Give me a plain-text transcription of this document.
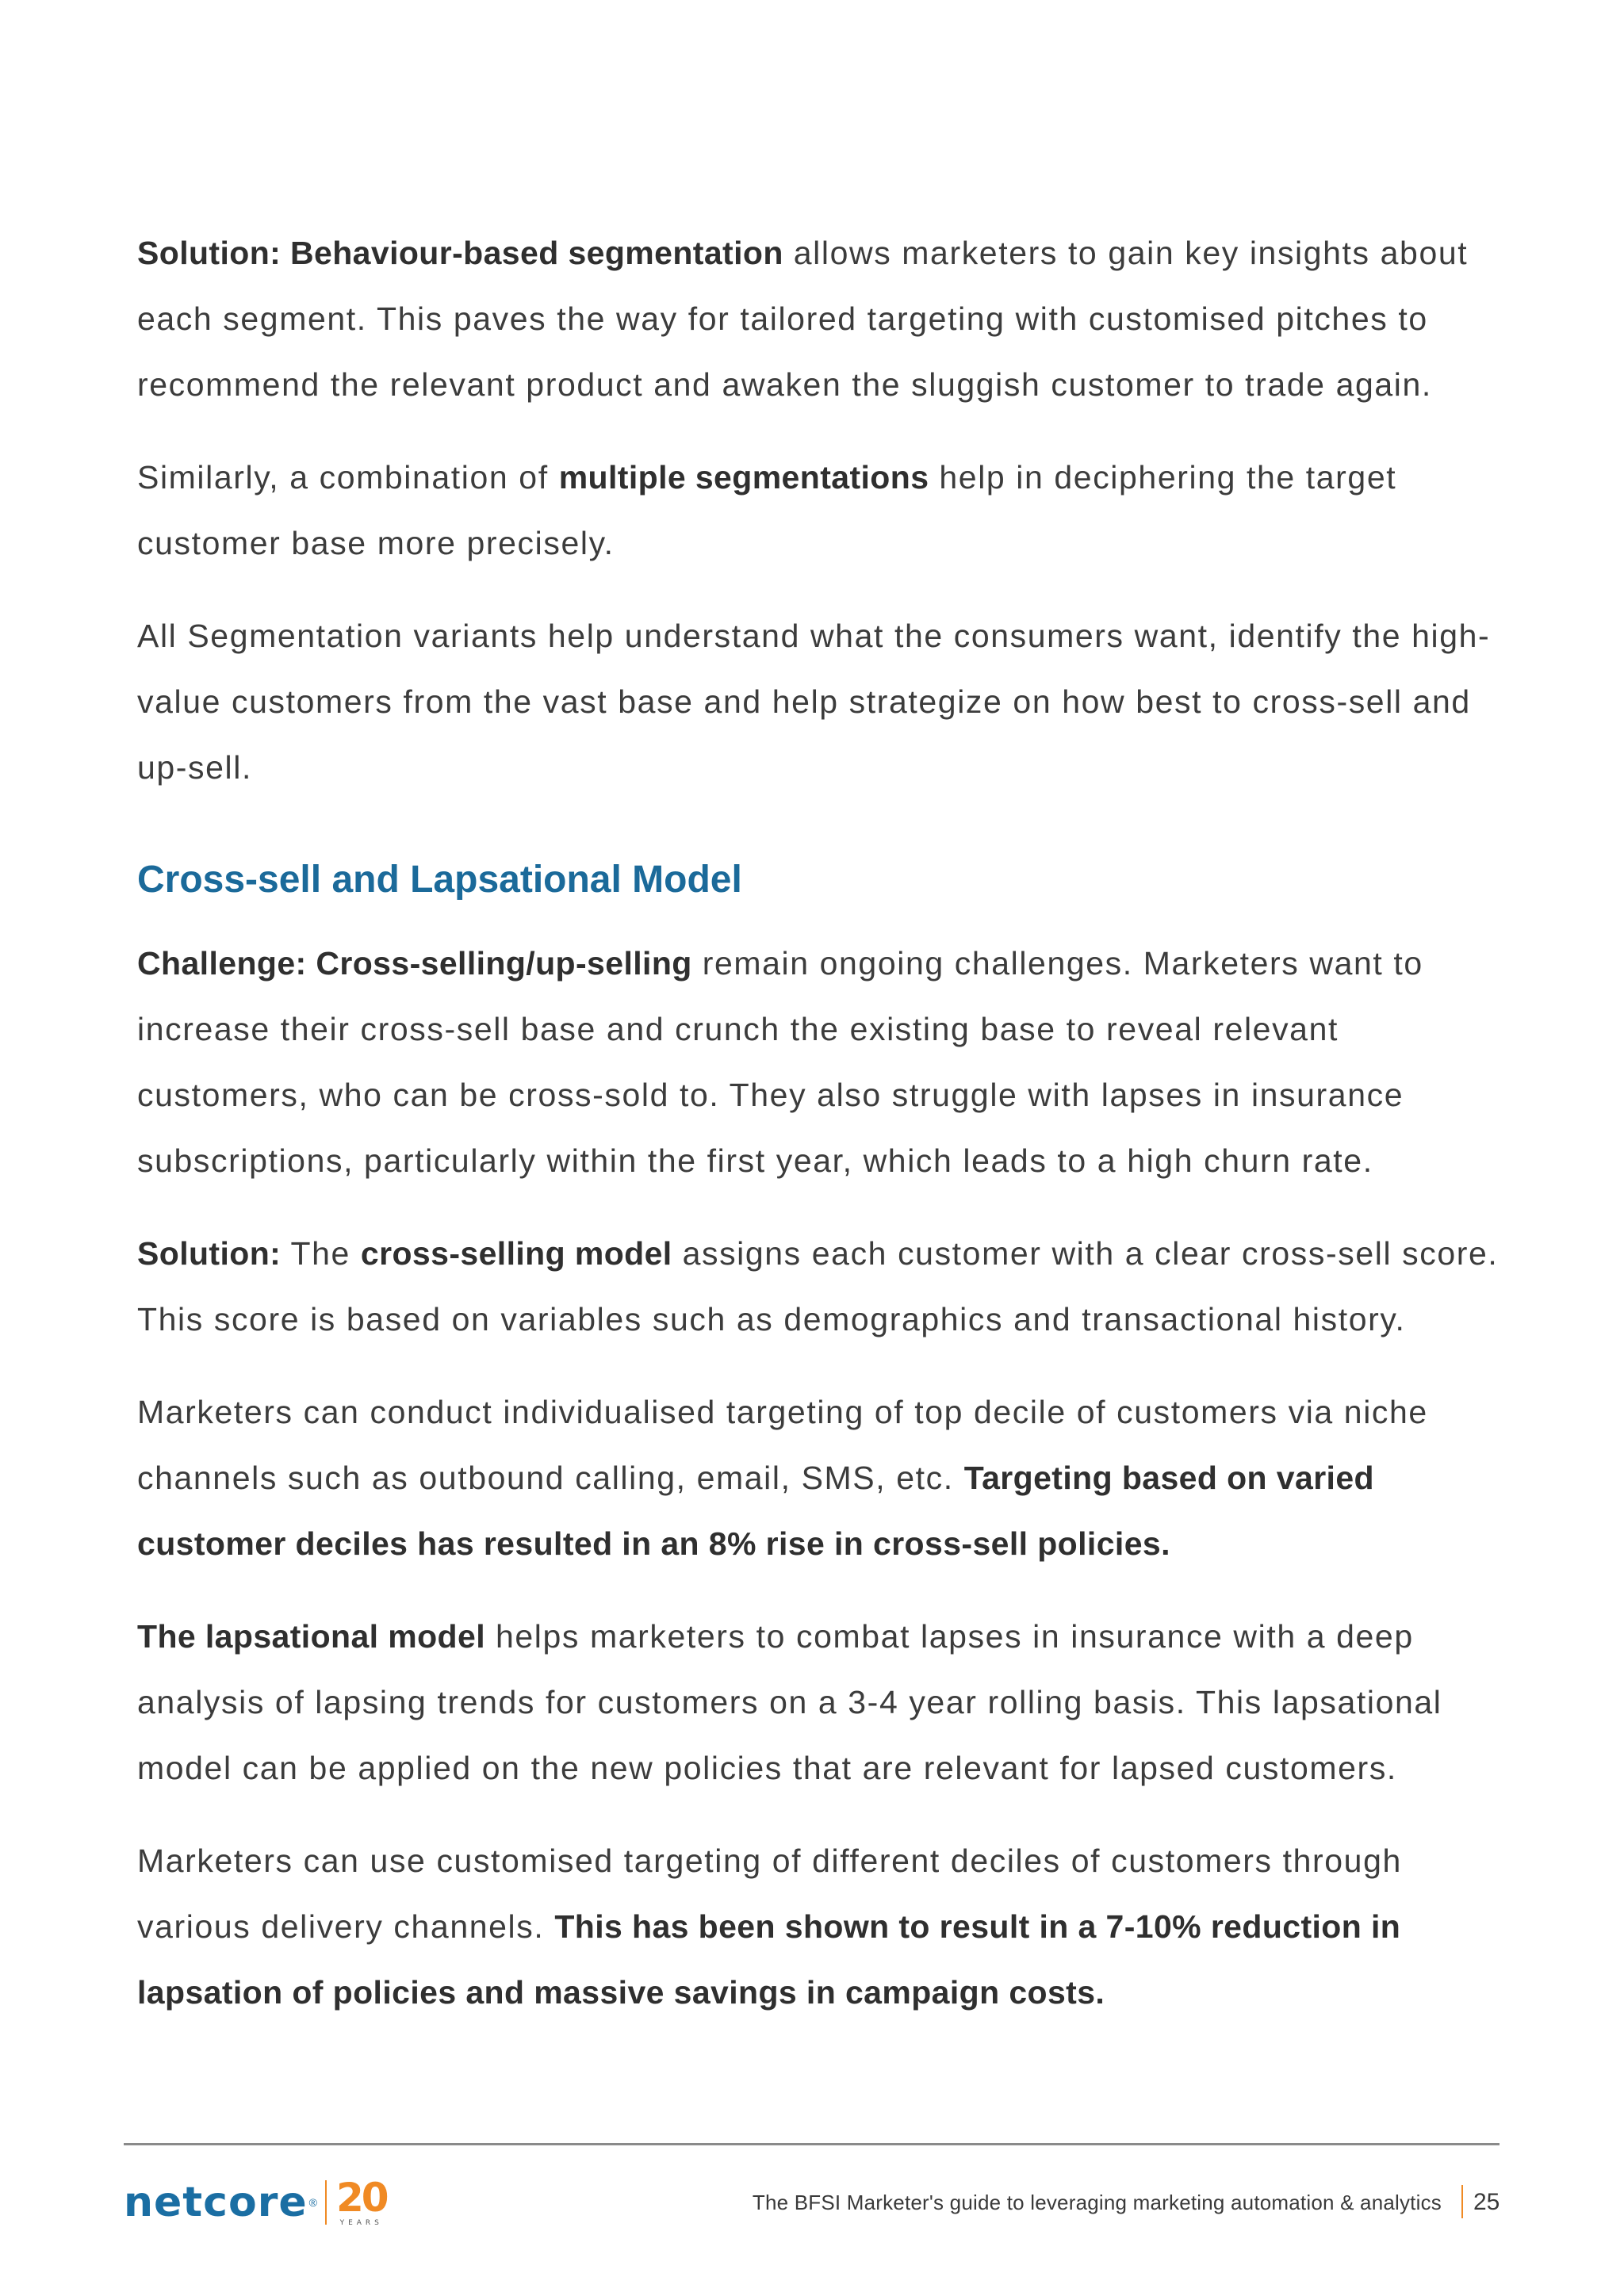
Solution: Behaviour-based segmentation allows marketers to gain key insights about each segment. This paves the way for tailored targeting with customised pitches to recommend the relevant product and awaken the sluggish customer to trade again.

Similarly, a combination of multiple segmentations help in deciphering the target customer base more precisely.

All Segmentation variants help understand what the consumers want, identify the high-value customers from the vast base and help strategize on how best to cross-sell and up-sell.

Cross-sell and Lapsational Model

Challenge: Cross-selling/up-selling remain ongoing challenges. Marketers want to increase their cross-sell base and crunch the existing base to reveal relevant customers, who can be cross-sold to. They also struggle with lapses in insurance subscriptions, particularly within the first year, which leads to a high churn rate.

Solution: The cross-selling model assigns each customer with a clear cross-sell score. This score is based on variables such as demographics and transactional history.

Marketers can conduct individualised targeting of top decile of customers via niche channels such as outbound calling, email, SMS, etc. Targeting based on varied customer deciles has resulted in an 8% rise in cross-sell policies.

The lapsational model helps marketers to combat lapses in insurance with a deep analysis of lapsing trends for customers on a 3-4 year rolling basis. This lapsational model can be applied on the new policies that are relevant for lapsed customers.

Marketers can use customised targeting of different deciles of customers through various delivery channels. This has been shown to result in a 7-10% reduction in lapsation of policies and massive savings in campaign costs.

netcore ® 20
YEARS
The BFSI Marketer's guide to leveraging marketing automation & analytics 25
